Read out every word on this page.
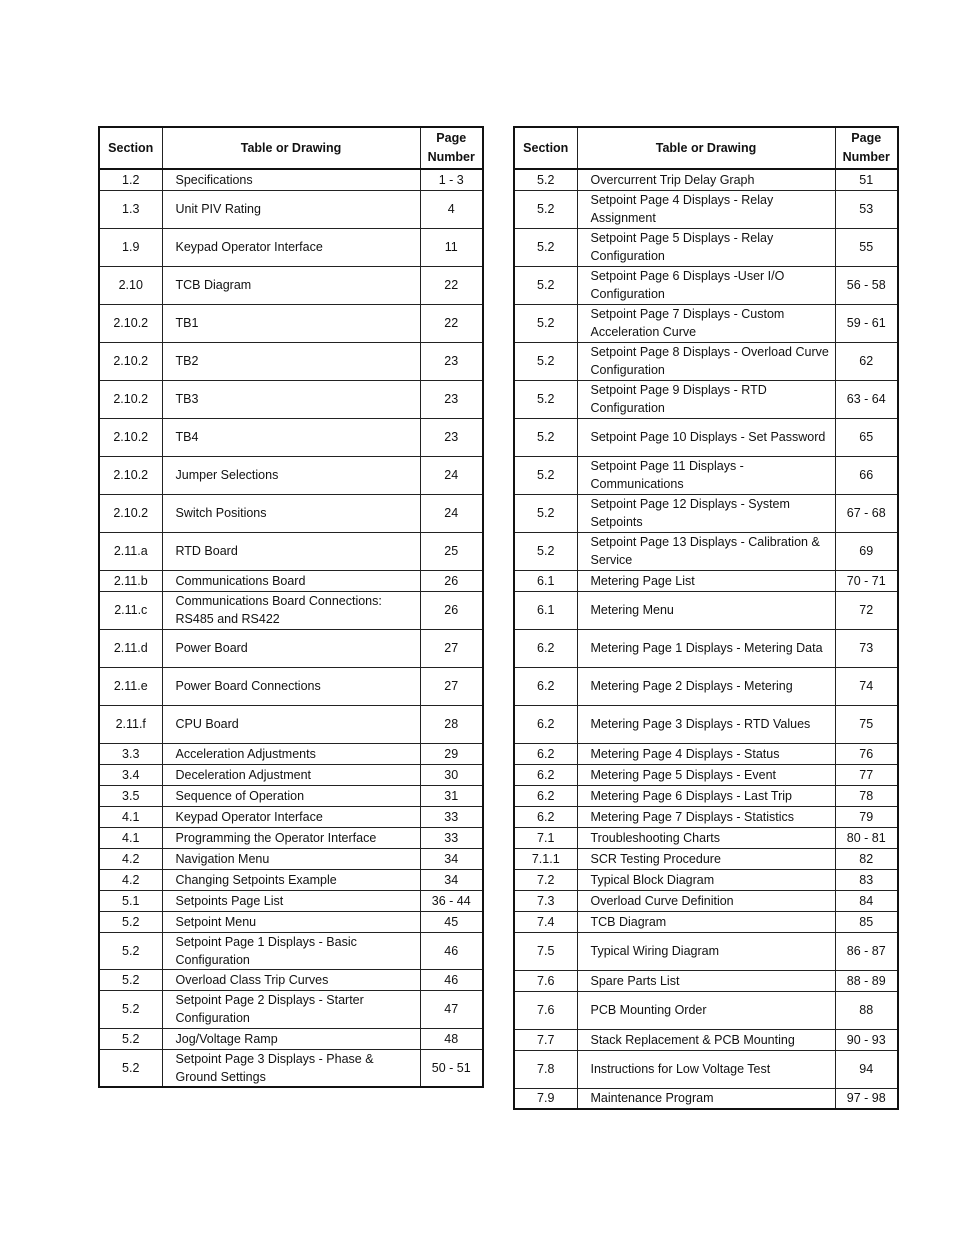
Section	Table or Drawing	Page Number
1.2	Specifications	1 - 3
1.3	Unit PIV Rating	4
1.9	Keypad Operator Interface	11
2.10	TCB Diagram	22
2.10.2	TB1	22
2.10.2	TB2	23
2.10.2	TB3	23
2.10.2	TB4	23
2.10.2	Jumper Selections	24
2.10.2	Switch Positions	24
2.11.a	RTD Board	25
2.11.b	Communications Board	26
2.11.c	Communications Board Connections: RS485 and RS422	26
2.11.d	Power Board	27
2.11.e	Power Board Connections	27
2.11.f	CPU Board	28
3.3	Acceleration Adjustments	29
3.4	Deceleration Adjustment	30
3.5	Sequence of Operation	31
4.1	Keypad Operator Interface	33
4.1	Programming the Operator Interface	33
4.2	Navigation Menu	34
4.2	Changing Setpoints Example	34
5.1	Setpoints Page List	36 - 44
5.2	Setpoint Menu	45
5.2	Setpoint Page 1 Displays - Basic Configuration	46
5.2	Overload Class Trip Curves	46
5.2	Setpoint Page 2 Displays - Starter Configuration	47
5.2	Jog/Voltage Ramp	48
5.2	Setpoint Page 3 Displays - Phase & Ground Settings	50 - 51
Section	Table or Drawing	Page Number
5.2	Overcurrent Trip Delay Graph	51
5.2	Setpoint Page 4 Displays - Relay Assignment	53
5.2	Setpoint Page 5 Displays - Relay Configuration	55
5.2	Setpoint Page 6 Displays -User I/O Configuration	56 - 58
5.2	Setpoint Page 7 Displays - Custom Acceleration Curve	59 - 61
5.2	Setpoint Page 8 Displays - Overload Curve Configuration	62
5.2	Setpoint Page 9 Displays - RTD Configuration	63 - 64
5.2	Setpoint Page 10 Displays - Set Password	65
5.2	Setpoint Page 11 Displays - Communications	66
5.2	Setpoint Page 12 Displays - System Setpoints	67 - 68
5.2	Setpoint Page 13 Displays - Calibration & Service	69
6.1	Metering Page List	70 - 71
6.1	Metering Menu	72
6.2	Metering Page 1 Displays - Metering Data	73
6.2	Metering Page 2 Displays - Metering	74
6.2	Metering Page 3 Displays - RTD Values	75
6.2	Metering Page 4 Displays - Status	76
6.2	Metering Page 5 Displays - Event	77
6.2	Metering Page 6 Displays - Last Trip	78
6.2	Metering Page 7 Displays - Statistics	79
7.1	Troubleshooting Charts	80 - 81
7.1.1	SCR Testing Procedure	82
7.2	Typical Block Diagram	83
7.3	Overload Curve Definition	84
7.4	TCB Diagram	85
7.5	Typical Wiring Diagram	86 - 87
7.6	Spare Parts List	88 - 89
7.6	PCB Mounting Order	88
7.7	Stack Replacement & PCB Mounting	90 - 93
7.8	Instructions for Low Voltage Test	94
7.9	Maintenance Program	97 - 98
